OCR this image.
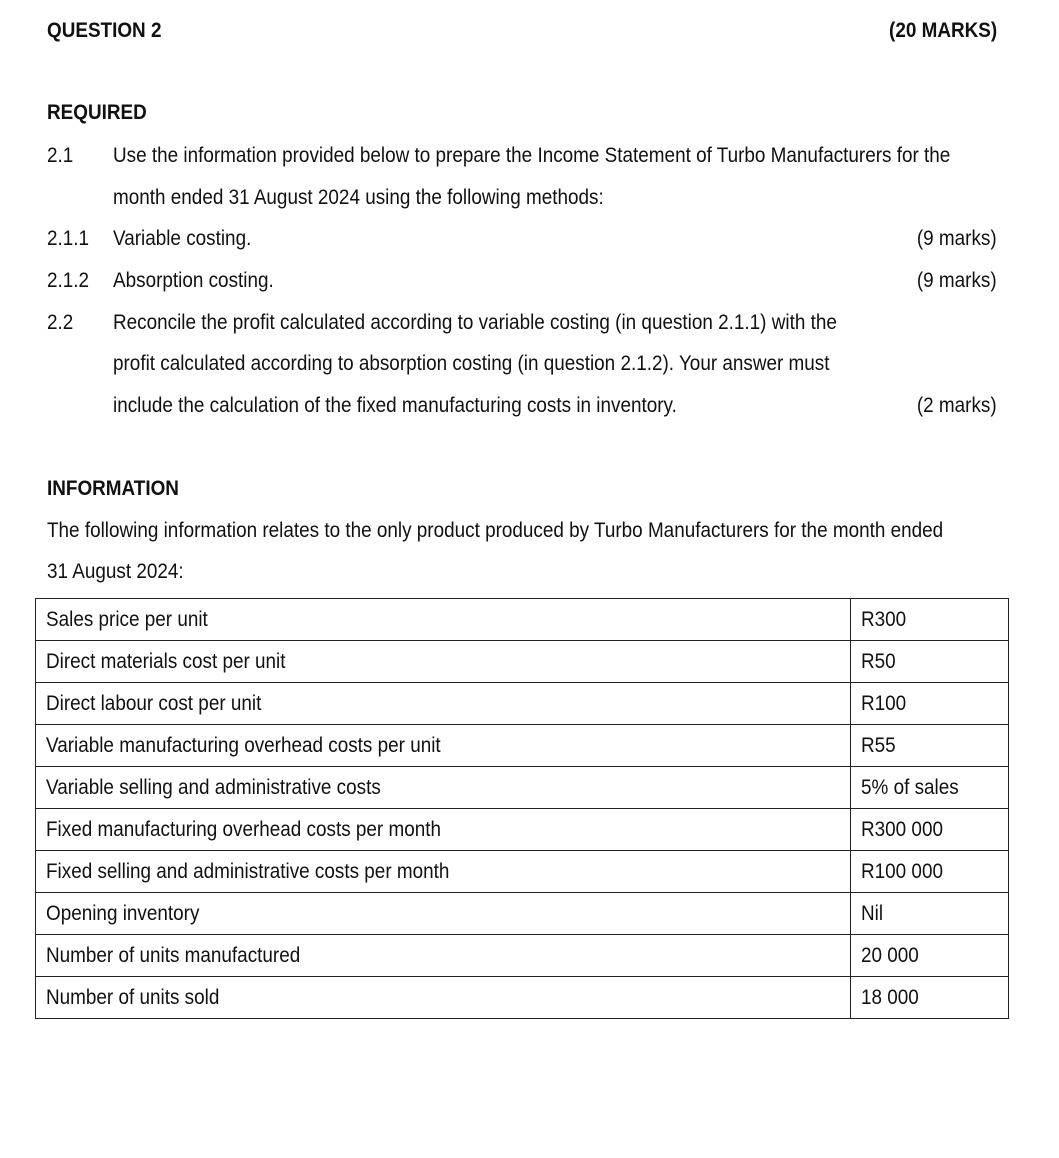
QUESTION 2	(20 MARKS)
REQUIRED
2.1 Use the information provided below to prepare the Income Statement of Turbo Manufacturers for the
month ended 31 August 2024 using the following methods:
2.1.1 Variable costing.	(9 marks)
2.1.2 Absorption costing.	(9 marks)
2.2 Reconcile the profit calculated according to variable costing (in question 2.1.1) with the
profit calculated according to absorption costing (in question 2.1.2). Your answer must
include the calculation of the fixed manufacturing costs in inventory.	(2 marks)
INFORMATION
The following information relates to the only product produced by Turbo Manufacturers for the month ended
31 August 2024:
Sales price per unit	R300
Direct materials cost per unit	R50
Direct labour cost per unit	R100
Variable manufacturing overhead costs per unit	R55
Variable selling and administrative costs	5% of sales
Fixed manufacturing overhead costs per month	R300 000
Fixed selling and administrative costs per month	R100 000
Opening inventory	Nil
Number of units manufactured	20 000
Number of units sold	18 000
